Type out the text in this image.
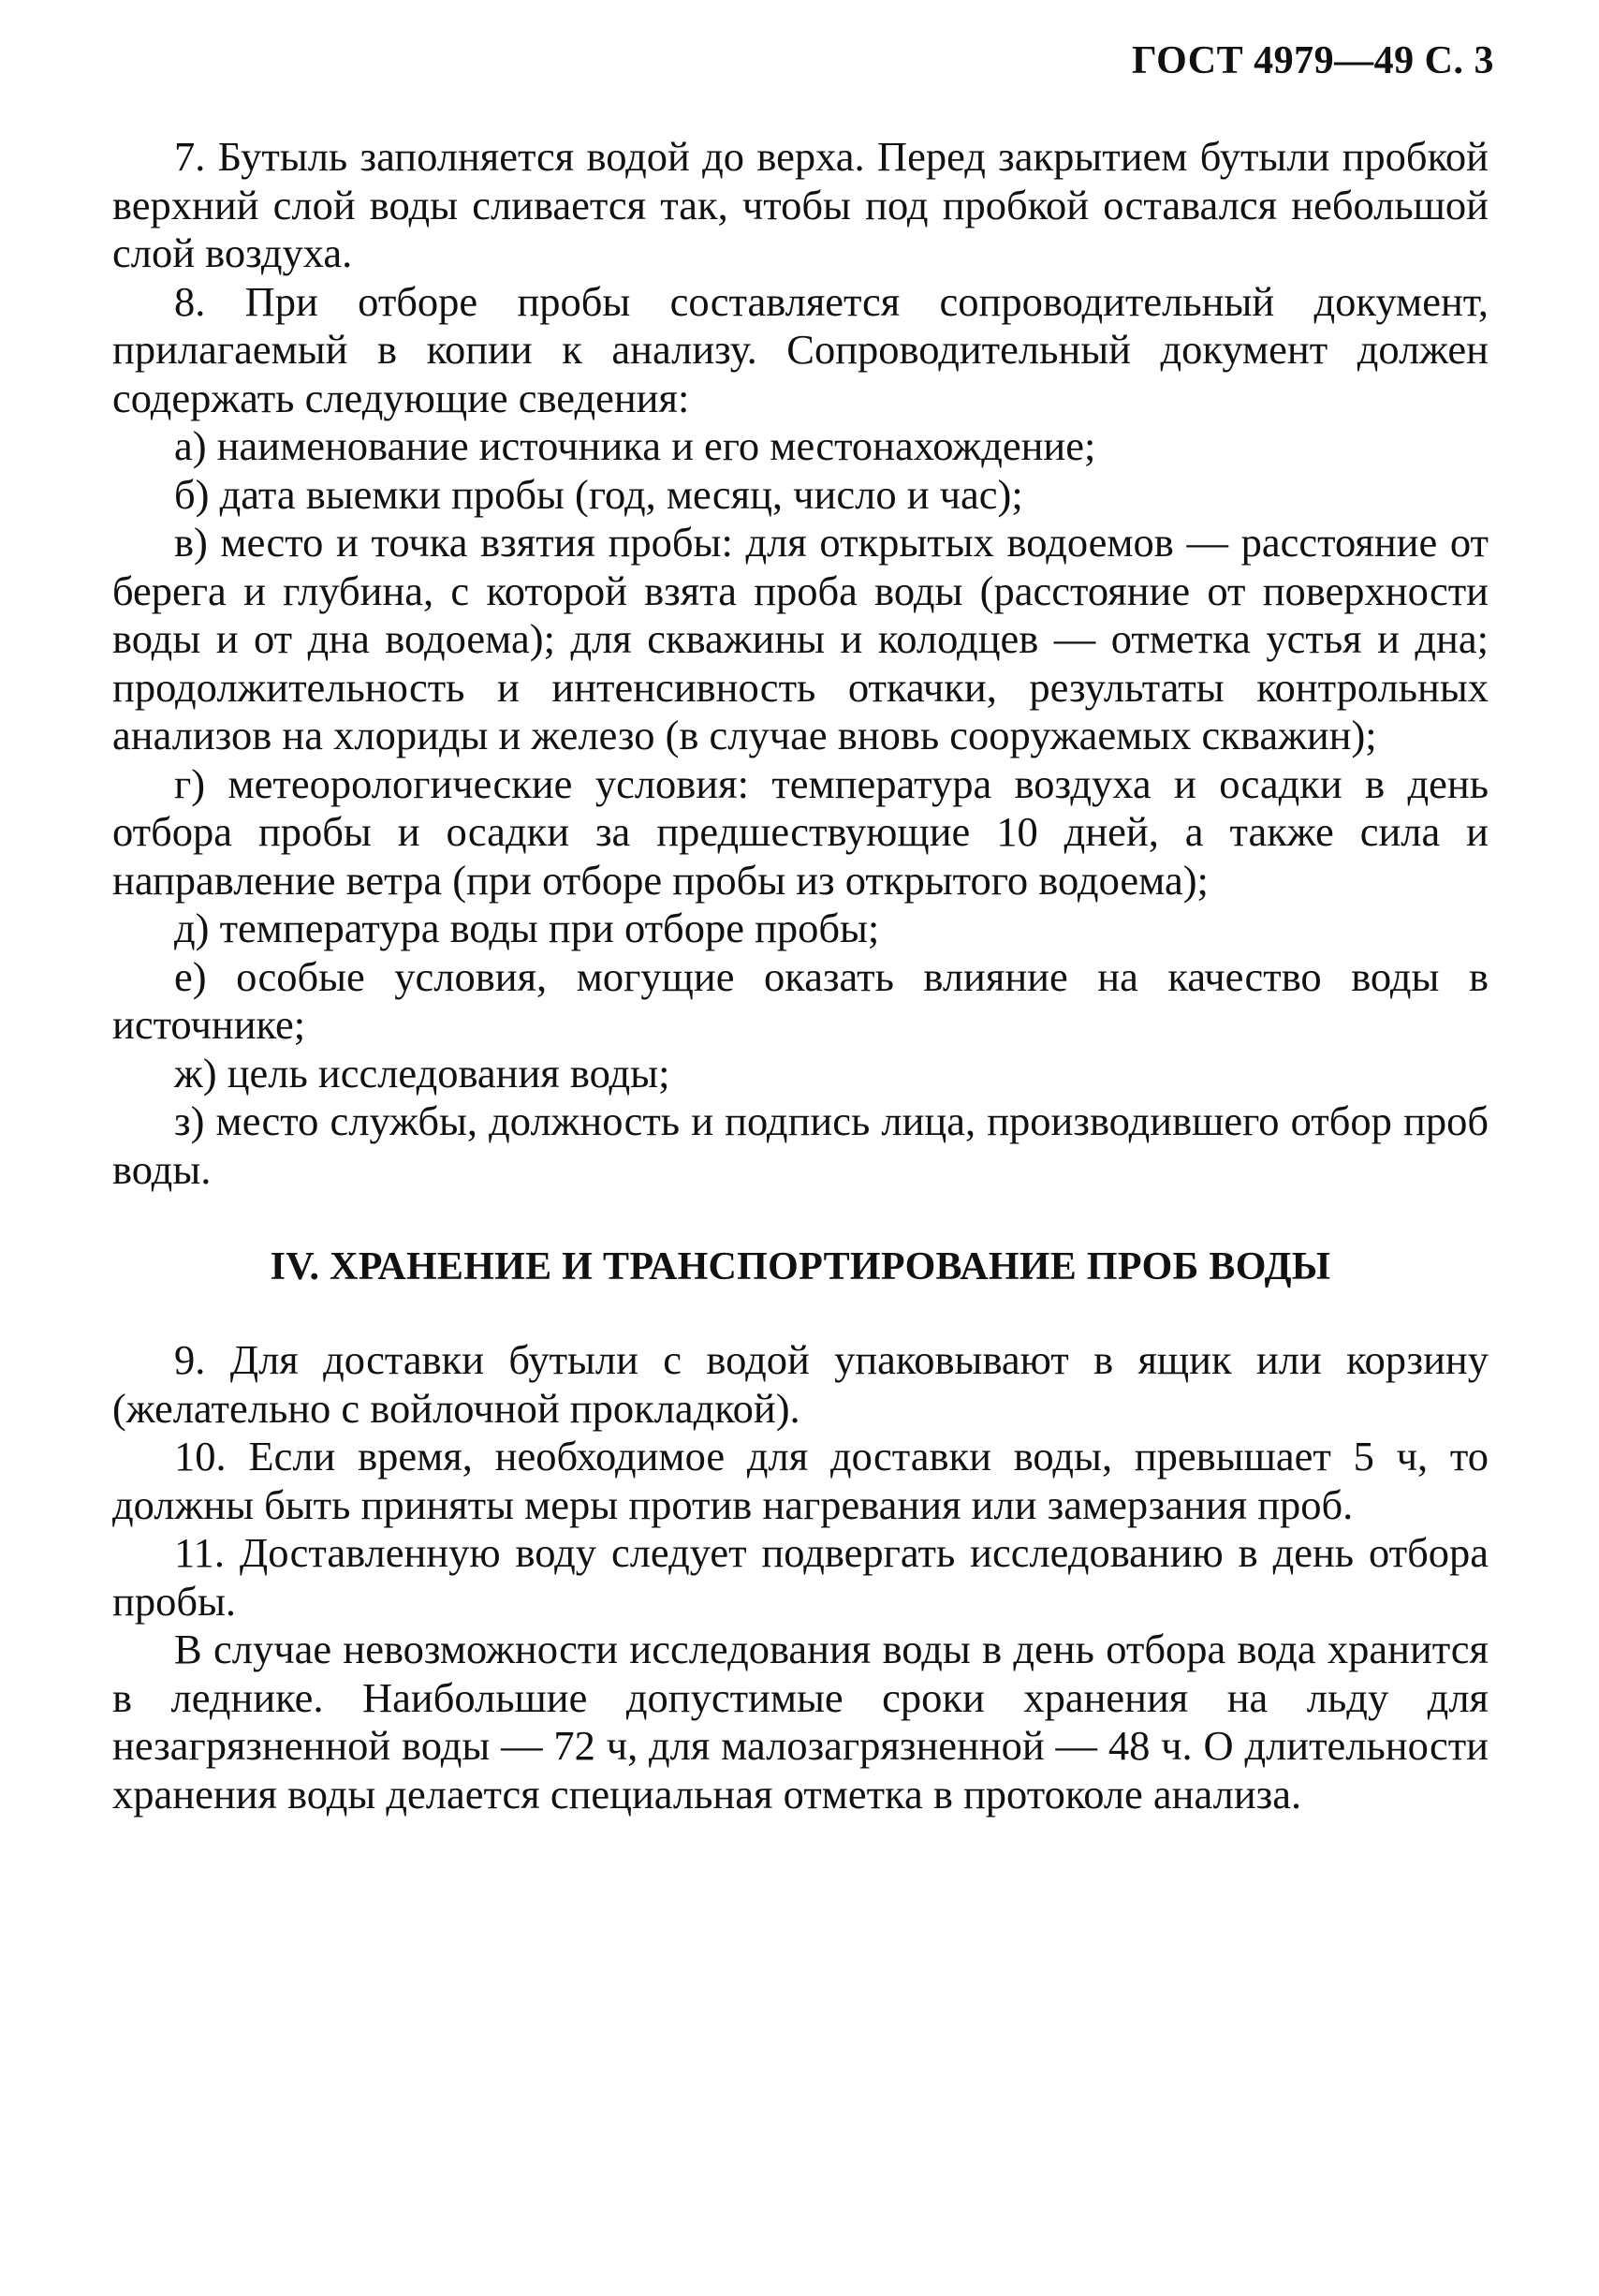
ГОСТ 4979—49 С. 3

7. Бутыль заполняется водой до верха. Перед закрытием бутыли пробкой верхний слой воды сливается так, чтобы под пробкой оставался небольшой слой воздуха.

8. При отборе пробы составляется сопроводительный документ, прилагаемый в копии к анализу. Сопроводительный документ должен содержать следующие сведения:

а) наименование источника и его местонахождение;

б) дата выемки пробы (год, месяц, число и час);

в) место и точка взятия пробы: для открытых водоемов — расстояние от берега и глубина, с которой взята проба воды (расстояние от поверхности воды и от дна водоема); для скважины и колодцев — отметка устья и дна; продолжительность и интенсивность откачки, результаты контрольных анализов на хлориды и железо (в случае вновь сооружаемых скважин);

г) метеорологические условия: температура воздуха и осадки в день отбора пробы и осадки за предшествующие 10 дней, а также сила и направление ветра (при отборе пробы из открытого водоема);

д) температура воды при отборе пробы;

е) особые условия, могущие оказать влияние на качество воды в источнике;

ж) цель исследования воды;

з) место службы, должность и подпись лица, производившего отбор проб воды.

IV. ХРАНЕНИЕ И ТРАНСПОРТИРОВАНИЕ ПРОБ ВОДЫ

9. Для доставки бутыли с водой упаковывают в ящик или корзину (желательно с войлочной прокладкой).

10. Если время, необходимое для доставки воды, превышает 5 ч, то должны быть приняты меры против нагревания или замерзания проб.

11. Доставленную воду следует подвергать исследованию в день отбора пробы.

В случае невозможности исследования воды в день отбора вода хранится в леднике. Наибольшие допустимые сроки хранения на льду для незагрязненной воды — 72 ч, для малозагрязненной — 48 ч. О длительности хранения воды делается специальная отметка в протоколе анализа.
